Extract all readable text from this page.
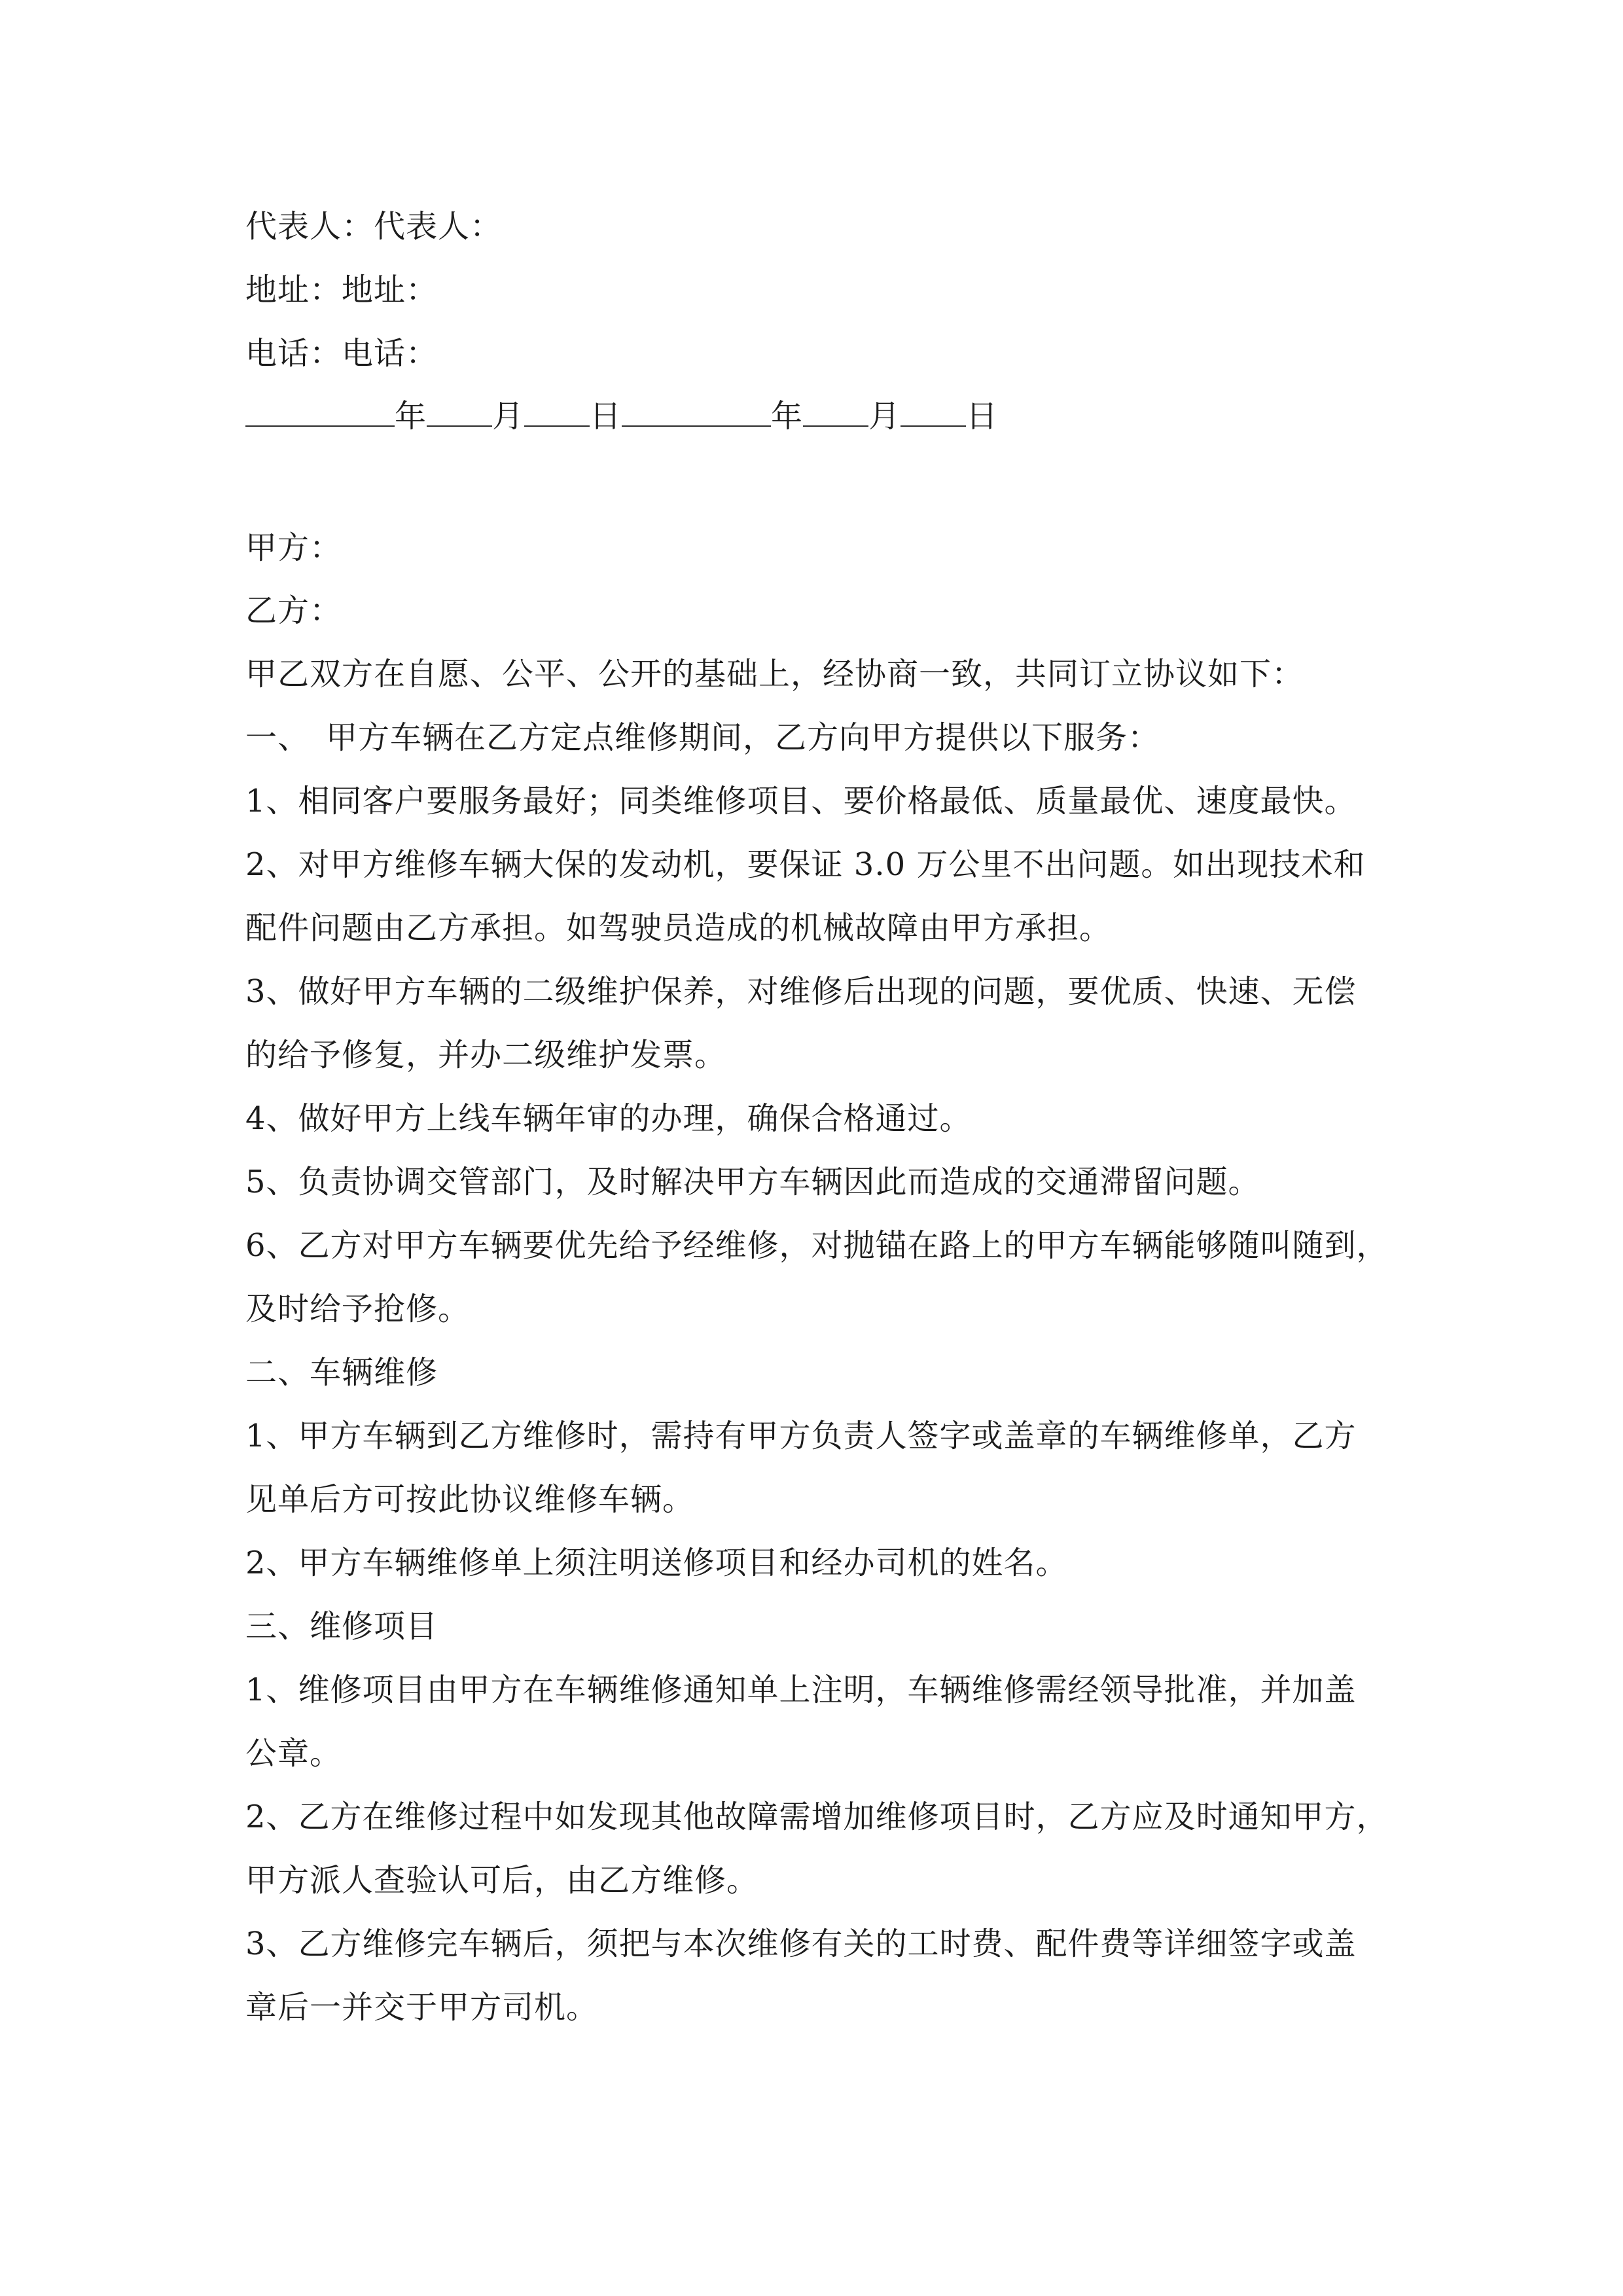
代表人：代表人：

地址：地址：

电话：电话：

年 月 日	年 月 日

甲方：

乙方：

甲乙双方在自愿、公平、公开的基础上，经协商一致，共同订立协议如下：

一、　甲方车辆在乙方定点维修期间，乙方向甲方提供以下服务：

1、相同客户要服务最好；同类维修项目、要价格最低、质量最优、速度最快。

2、对甲方维修车辆大保的发动机，要保证 3.0 万公里不出问题。如出现技术和

配件问题由乙方承担。如驾驶员造成的机械故障由甲方承担。

3、做好甲方车辆的二级维护保养，对维修后出现的问题，要优质、快速、无偿

的给予修复，并办二级维护发票。

4、做好甲方上线车辆年审的办理，确保合格通过。

5、负责协调交管部门，及时解决甲方车辆因此而造成的交通滞留问题。

6、乙方对甲方车辆要优先给予经维修，对抛锚在路上的甲方车辆能够随叫随到，

及时给予抢修。

二、车辆维修

1、甲方车辆到乙方维修时，需持有甲方负责人签字或盖章的车辆维修单，乙方

见单后方可按此协议维修车辆。

2、甲方车辆维修单上须注明送修项目和经办司机的姓名。

三、维修项目

1、维修项目由甲方在车辆维修通知单上注明，车辆维修需经领导批准，并加盖

公章。

2、乙方在维修过程中如发现其他故障需增加维修项目时，乙方应及时通知甲方，

甲方派人查验认可后，由乙方维修。

3、乙方维修完车辆后，须把与本次维修有关的工时费、配件费等详细签字或盖

章后一并交于甲方司机。
